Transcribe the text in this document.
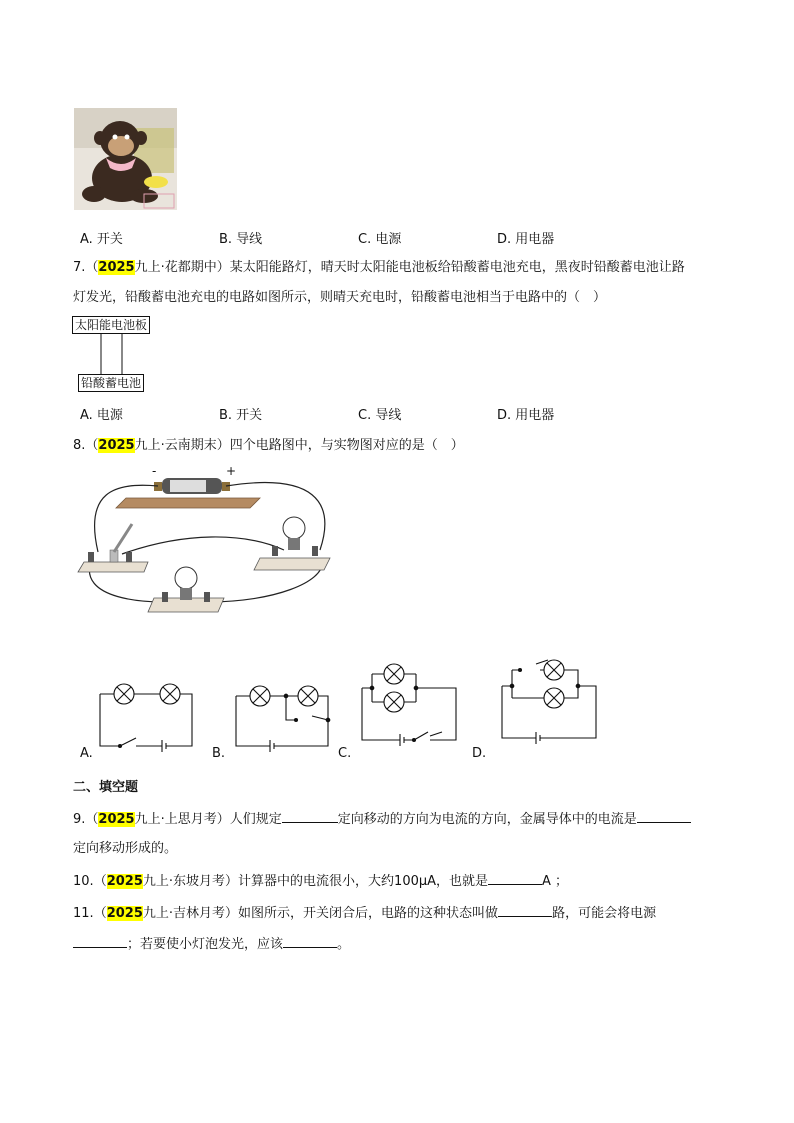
A. 开关	B. 导线	C. 电源	D. 用电器
7.（2025九上·花都期中）某太阳能路灯，晴天时太阳能电池板给铅酸蓄电池充电，黑夜时铅酸蓄电池让路
灯发光，铅酸蓄电池充电的电路如图所示，则晴天充电时，铅酸蓄电池相当于电路中的（　）
太阳能电池板
铅酸蓄电池
A. 电源	B. 开关	C. 导线	D. 用电器
8.（2025九上·云南期末）四个电路图中，与实物图对应的是（　）
-	+
A.	B.	C.	D.
二、填空题
9.（2025九上·上思月考）人们规定	定向移动的方向为电流的方向，金属导体中的电流是
定向移动形成的。
10.（2025九上·东坡月考）计算器中的电流很小，大约100μA，也就是	A ；
11.（2025九上·吉林月考）如图所示，开关闭合后，电路的这种状态叫做	路，可能会将电源
；若要使小灯泡发光，应该	。
